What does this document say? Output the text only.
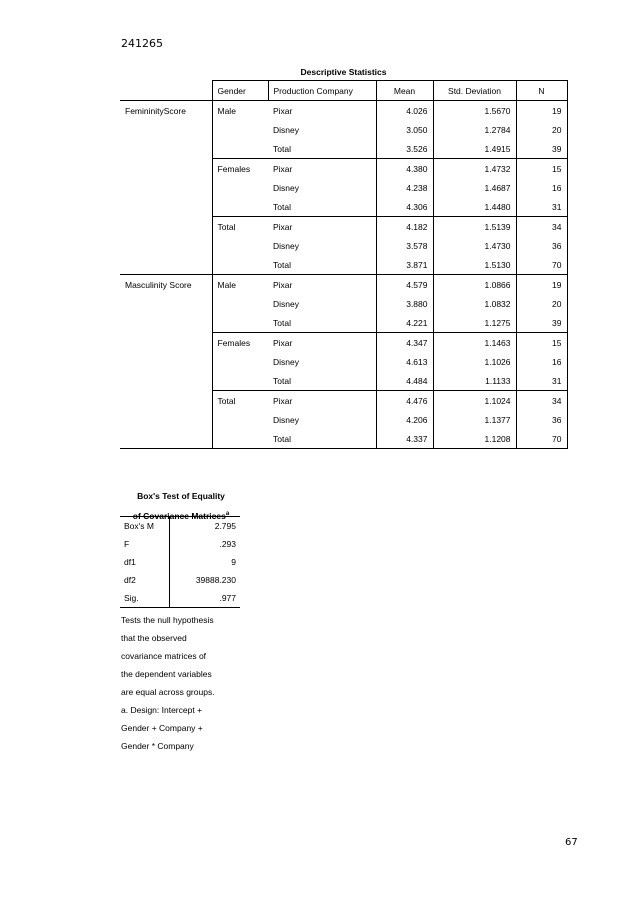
241265
Descriptive Statistics
	Gender	Production Company	Mean	Std. Deviation	N
FemininityScore	Male	Pixar	4.026	1.5670	19
		Disney	3.050	1.2784	20
		Total	3.526	1.4915	39
	Females	Pixar	4.380	1.4732	15
		Disney	4.238	1.4687	16
		Total	4.306	1.4480	31
	Total	Pixar	4.182	1.5139	34
		Disney	3.578	1.4730	36
		Total	3.871	1.5130	70
Masculinity Score	Male	Pixar	4.579	1.0866	19
		Disney	3.880	1.0832	20
		Total	4.221	1.1275	39
	Females	Pixar	4.347	1.1463	15
		Disney	4.613	1.1026	16
		Total	4.484	1.1133	31
	Total	Pixar	4.476	1.1024	34
		Disney	4.206	1.1377	36
		Total	4.337	1.1208	70
Box's Test of Equality
of Covariance Matrices$^a$
Box's M	2.795
F	.293
df1	9
df2	39888.230
Sig.	.977
Tests the null hypothesis
that the observed
covariance matrices of
the dependent variables
are equal across groups.
a. Design: Intercept +
Gender + Company +
Gender * Company
67
